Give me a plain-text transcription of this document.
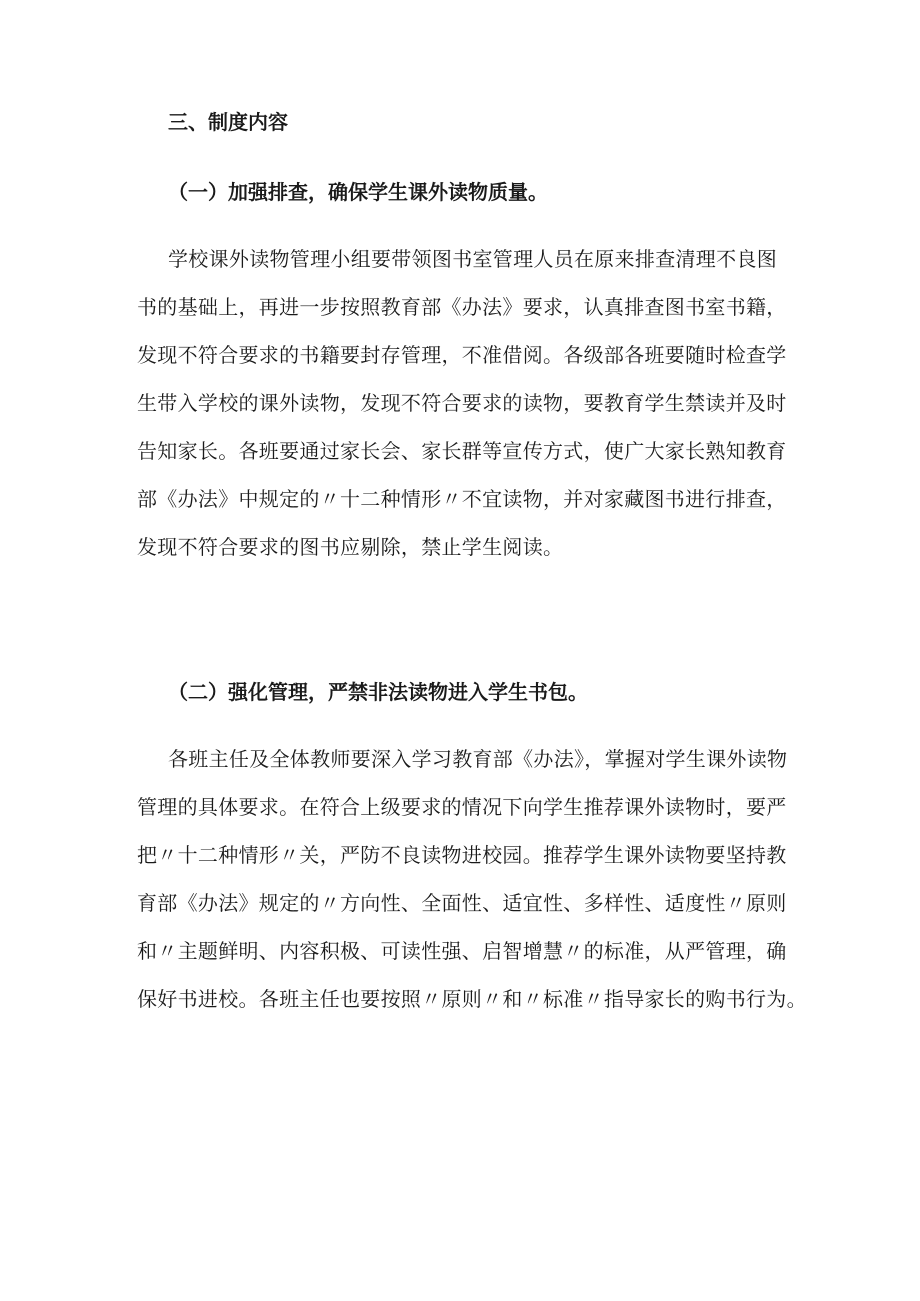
三、制度内容
（一）加强排查，确保学生课外读物质量。
学校课外读物管理小组要带领图书室管理人员在原来排查清理不良图
书的基础上，再进一步按照教育部《办法》要求，认真排查图书室书籍，
发现不符合要求的书籍要封存管理，不准借阅。各级部各班要随时检查学
生带入学校的课外读物，发现不符合要求的读物，要教育学生禁读并及时
告知家长。各班要通过家长会、家长群等宣传方式，使广大家长熟知教育
部《办法》中规定的〃十二种情形〃不宜读物，并对家藏图书进行排查，
发现不符合要求的图书应剔除，禁止学生阅读。
（二）强化管理，严禁非法读物进入学生书包。
各班主任及全体教师要深入学习教育部《办法》，掌握对学生课外读物
管理的具体要求。在符合上级要求的情况下向学生推荐课外读物时，要严
把〃十二种情形〃关，严防不良读物进校园。推荐学生课外读物要坚持教
育部《办法》规定的〃方向性、全面性、适宜性、多样性、适度性〃原则
和〃主题鲜明、内容积极、可读性强、启智增慧〃的标准，从严管理，确
保好书进校。各班主任也要按照〃原则〃和〃标准〃指导家长的购书行为。
